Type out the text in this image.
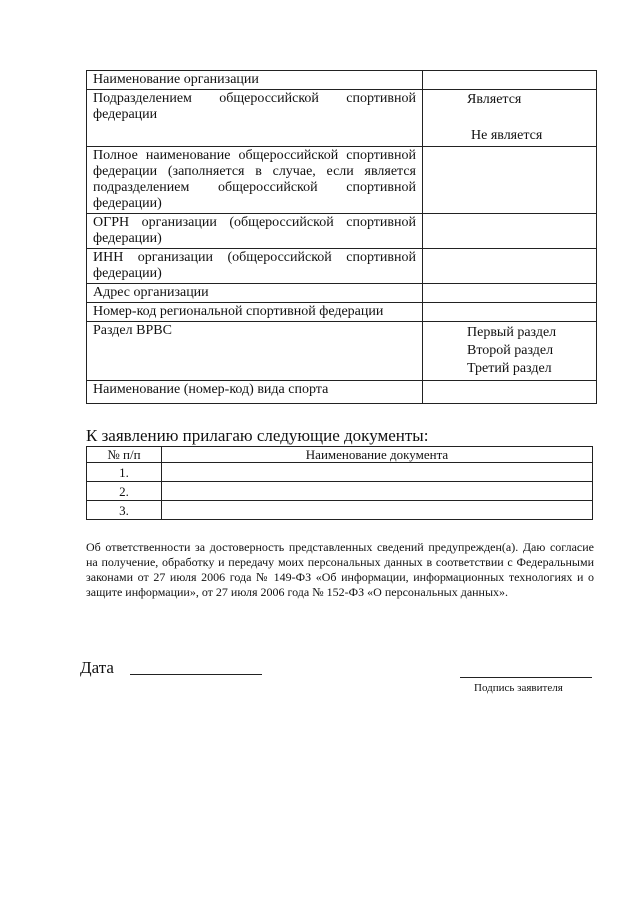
Наименование организации	
Подразделением общероссийской спортивной федерации	Является
Не является

Полное наименование общероссийской спортивной федерации (заполняется в случае, если является подразделением общероссийской спортивной федерации)	
ОГРН организации (общероссийской спортивной федерации)	
ИНН организации (общероссийской спортивной федерации)	
Адрес организации	
Номер-код региональной спортивной федерации	
Раздел ВРВС	Первый раздел
Второй раздел
Третий раздел

Наименование (номер-код) вида спорта	
К заявлению прилагаю следующие документы:
№ п/п	Наименование документа
1.	
2.	
3.	
Об ответственности за достоверность представленных сведений предупрежден(а). Даю согласие на получение, обработку и передачу моих персональных данных в соответствии с Федеральными законами от 27 июля 2006 года № 149-ФЗ «Об информации, информационных технологиях и о защите информации», от 27 июля 2006 года № 152-ФЗ «О персональных данных».
Дата
Подпись заявителя
